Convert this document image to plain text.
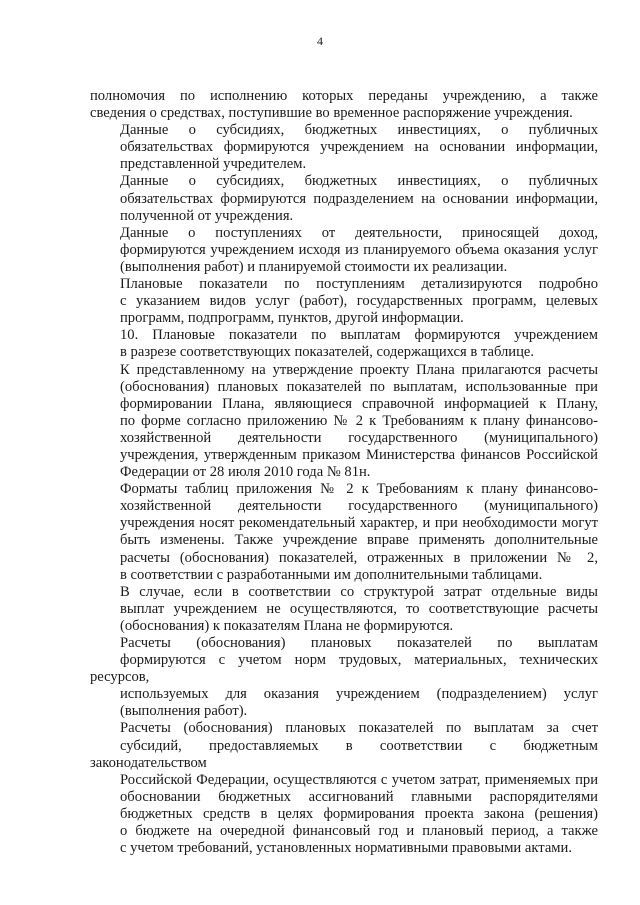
4

полномочия по исполнению которых переданы учреждению, а также
сведения о средствах, поступившие во временное распоряжение учреждения.

Данные о субсидиях, бюджетных инвестициях, о публичных
обязательствах формируются учреждением на основании информации,
представленной учредителем.

Данные о субсидиях, бюджетных инвестициях, о публичных
обязательствах формируются подразделением на основании информации,
полученной от учреждения.

Данные о поступлениях от деятельности, приносящей доход,
формируются учреждением исходя из планируемого объема оказания услуг
(выполнения работ) и планируемой стоимости их реализации.

Плановые показатели по поступлениям детализируются подробно
с указанием видов услуг (работ), государственных программ, целевых
программ, подпрограмм, пунктов, другой информации.

10. Плановые показатели по выплатам формируются учреждением
в разрезе соответствующих показателей, содержащихся в таблице.

К представленному на утверждение проекту Плана прилагаются расчеты
(обоснования) плановых показателей по выплатам, использованные при
формировании Плана, являющиеся справочной информацией к Плану,
по форме согласно приложению № 2 к Требованиям к плану финансово-
хозяйственной деятельности государственного (муниципального)
учреждения, утвержденным приказом Министерства финансов Российской
Федерации от 28 июля 2010 года № 81н.

Форматы таблиц приложения № 2 к Требованиям к плану финансово-
хозяйственной деятельности государственного (муниципального)
учреждения носят рекомендательный характер, и при необходимости могут
быть изменены. Также учреждение вправе применять дополнительные
расчеты (обоснования) показателей, отраженных в приложении № 2,
в соответствии с разработанными им дополнительными таблицами.

В случае, если в соответствии со структурой затрат отдельные виды
выплат учреждением не осуществляются, то соответствующие расчеты
(обоснования) к показателям Плана не формируются.

Расчеты (обоснования) плановых показателей по выплатам
формируются с учетом норм трудовых, материальных, технических ресурсов,
используемых для оказания учреждением (подразделением) услуг
(выполнения работ).

Расчеты (обоснования) плановых показателей по выплатам за счет
субсидий, предоставляемых в соответствии с бюджетным законодательством
Российской Федерации, осуществляются с учетом затрат, применяемых при
обосновании бюджетных ассигнований главными распорядителями
бюджетных средств в целях формирования проекта закона (решения)
о бюджете на очередной финансовый год и плановый период, а также
с учетом требований, установленных нормативными правовыми актами.
